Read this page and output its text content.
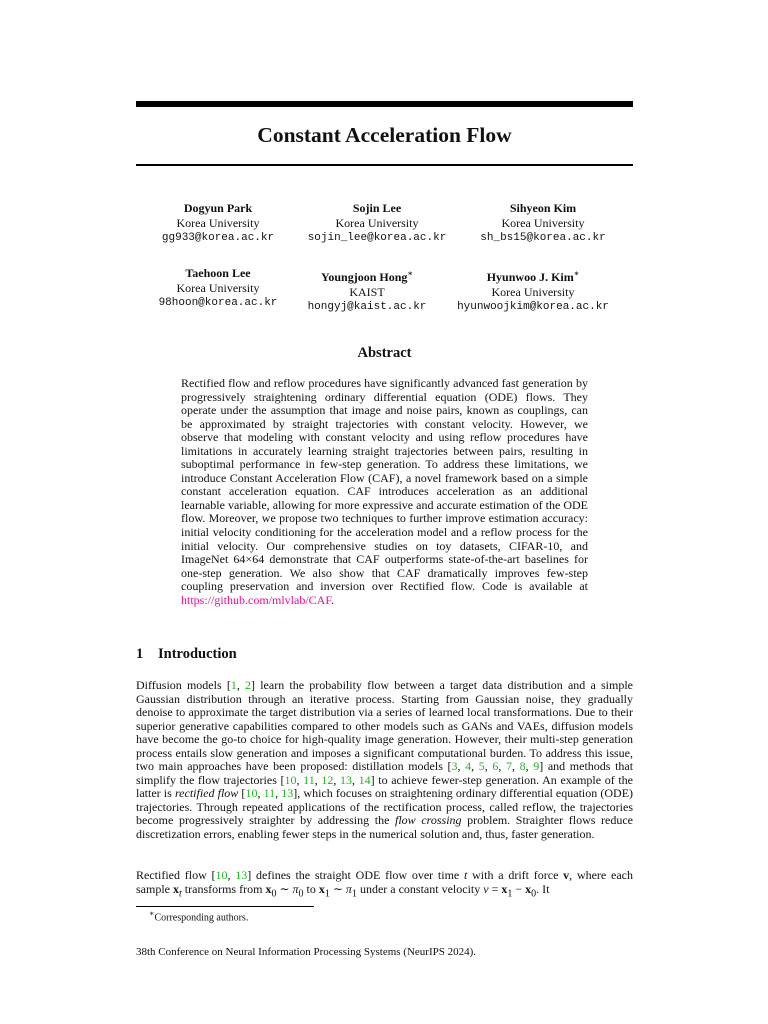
Constant Acceleration Flow
Dogyun Park
Korea University
gg933@korea.ac.kr
Sojin Lee
Korea University
sojin_lee@korea.ac.kr
Sihyeon Kim
Korea University
sh_bs15@korea.ac.kr
Taehoon Lee
Korea University
98hoon@korea.ac.kr
Youngjoon Hong∗
KAIST
hongyj@kaist.ac.kr
Hyunwoo J. Kim∗
Korea University
hyunwoojkim@korea.ac.kr
Abstract

Rectified flow and reflow procedures have significantly advanced fast generation by progressively straightening ordinary differential equation (ODE) flows. They operate under the assumption that image and noise pairs, known as couplings, can be approximated by straight trajectories with constant velocity. However, we observe that modeling with constant velocity and using reflow procedures have limitations in accurately learning straight trajectories between pairs, resulting in suboptimal performance in few-step generation. To address these limitations, we introduce Constant Acceleration Flow (CAF), a novel framework based on a simple constant acceleration equation. CAF introduces acceleration as an additional learnable variable, allowing for more expressive and accurate estimation of the ODE flow. Moreover, we propose two techniques to further improve estimation accuracy: initial velocity conditioning for the acceleration model and a reflow process for the initial velocity. Our comprehensive studies on toy datasets, CIFAR-10, and ImageNet 64×64 demonstrate that CAF outperforms state-of-the-art baselines for one-step generation. We also show that CAF dramatically improves few-step coupling preservation and inversion over Rectified flow. Code is available at https://github.com/mlvlab/CAF.

1 Introduction

Diffusion models [1, 2] learn the probability flow between a target data distribution and a simple Gaussian distribution through an iterative process. Starting from Gaussian noise, they gradually denoise to approximate the target distribution via a series of learned local transformations. Due to their superior generative capabilities compared to other models such as GANs and VAEs, diffusion models have become the go-to choice for high-quality image generation. However, their multi-step generation process entails slow generation and imposes a significant computational burden. To address this issue, two main approaches have been proposed: distillation models [3, 4, 5, 6, 7, 8, 9] and methods that simplify the flow trajectories [10, 11, 12, 13, 14] to achieve fewer-step generation. An example of the latter is rectified flow [10, 11, 13], which focuses on straightening ordinary differential equation (ODE) trajectories. Through repeated applications of the rectification process, called reflow, the trajectories become progressively straighter by addressing the flow crossing problem. Straighter flows reduce discretization errors, enabling fewer steps in the numerical solution and, thus, faster generation.

Rectified flow [10, 13] defines the straight ODE flow over time t with a drift force v, where each sample $x_t$ transforms from $x_0$ ∼ $\pi_0$ to $x_1$ ∼ $\pi_1$ under a constant velocity $v = x_1 - x_0$. It

∗Corresponding authors.
38th Conference on Neural Information Processing Systems (NeurIPS 2024).
